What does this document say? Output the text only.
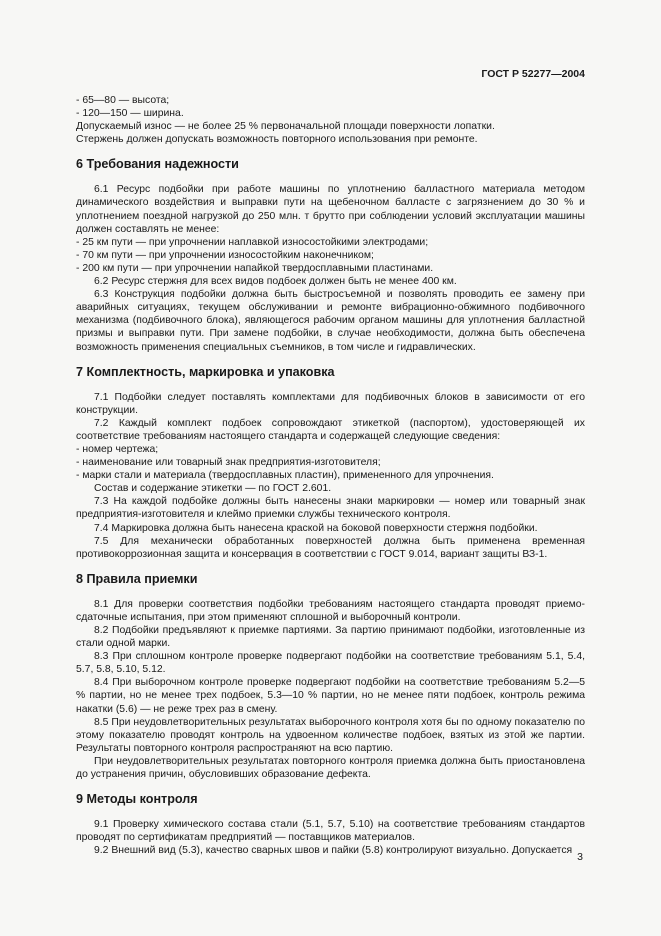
ГОСТ Р 52277—2004

- 65—80 — высота;

- 120—150 — ширина.

Допускаемый износ — не более 25 % первоначальной площади поверхности лопатки.

Стержень должен допускать возможность повторного использования при ремонте.

6 Требования надежности

6.1 Ресурс подбойки при работе машины по уплотнению балластного материала методом динамического воздействия и выправки пути на щебеночном балласте с загрязнением до 30 % и уплотнением поездной нагрузкой до 250 млн. т брутто при соблюдении условий эксплуатации машины должен составлять не менее:

- 25 км пути — при упрочнении наплавкой износостойкими электродами;

- 70 км пути — при упрочнении износостойким наконечником;

- 200 км пути — при упрочнении напайкой твердосплавными пластинами.

6.2 Ресурс стержня для всех видов подбоек должен быть не менее 400 км.

6.3 Конструкция подбойки должна быть быстросъемной и позволять проводить ее замену при аварийных ситуациях, текущем обслуживании и ремонте вибрационно-обжимного подбивочного механизма (подбивочного блока), являющегося рабочим органом машины для уплотнения балластной призмы и выправки пути. При замене подбойки, в случае необходимости, должна быть обеспечена возможность применения специальных съемников, в том числе и гидравлических.

7 Комплектность, маркировка и упаковка

7.1 Подбойки следует поставлять комплектами для подбивочных блоков в зависимости от его конструкции.

7.2 Каждый комплект подбоек сопровождают этикеткой (паспортом), удостоверяющей их соответствие требованиям настоящего стандарта и содержащей следующие сведения:

- номер чертежа;

- наименование или товарный знак предприятия-изготовителя;

- марки стали и материала (твердосплавных пластин), примененного для упрочнения.

Состав и содержание этикетки — по ГОСТ 2.601.

7.3 На каждой подбойке должны быть нанесены знаки маркировки — номер или товарный знак предприятия-изготовителя и клеймо приемки службы технического контроля.

7.4 Маркировка должна быть нанесена краской на боковой поверхности стержня подбойки.

7.5 Для механически обработанных поверхностей должна быть применена временная противокоррозионная защита и консервация в соответствии с ГОСТ 9.014, вариант защиты ВЗ-1.

8 Правила приемки

8.1 Для проверки соответствия подбойки требованиям настоящего стандарта проводят приемо-сдаточные испытания, при этом применяют сплошной и выборочный контроли.

8.2 Подбойки предъявляют к приемке партиями. За партию принимают подбойки, изготовленные из стали одной марки.

8.3 При сплошном контроле проверке подвергают подбойки на соответствие требованиям 5.1, 5.4, 5.7, 5.8, 5.10, 5.12.

8.4 При выборочном контроле проверке подвергают подбойки на соответствие требованиям 5.2—5 % партии, но не менее трех подбоек, 5.3—10 % партии, но не менее пяти подбоек, контроль режима накатки (5.6) — не реже трех раз в смену.

8.5 При неудовлетворительных результатах выборочного контроля хотя бы по одному показателю по этому показателю проводят контроль на удвоенном количестве подбоек, взятых из этой же партии. Результаты повторного контроля распространяют на всю партию.

При неудовлетворительных результатах повторного контроля приемка должна быть приостановлена до устранения причин, обусловивших образование дефекта.

9 Методы контроля

9.1 Проверку химического состава стали (5.1, 5.7, 5.10) на соответствие требованиям стандартов проводят по сертификатам предприятий — поставщиков материалов.

9.2 Внешний вид (5.3), качество сварных швов и пайки (5.8) контролируют визуально. Допускается

3
